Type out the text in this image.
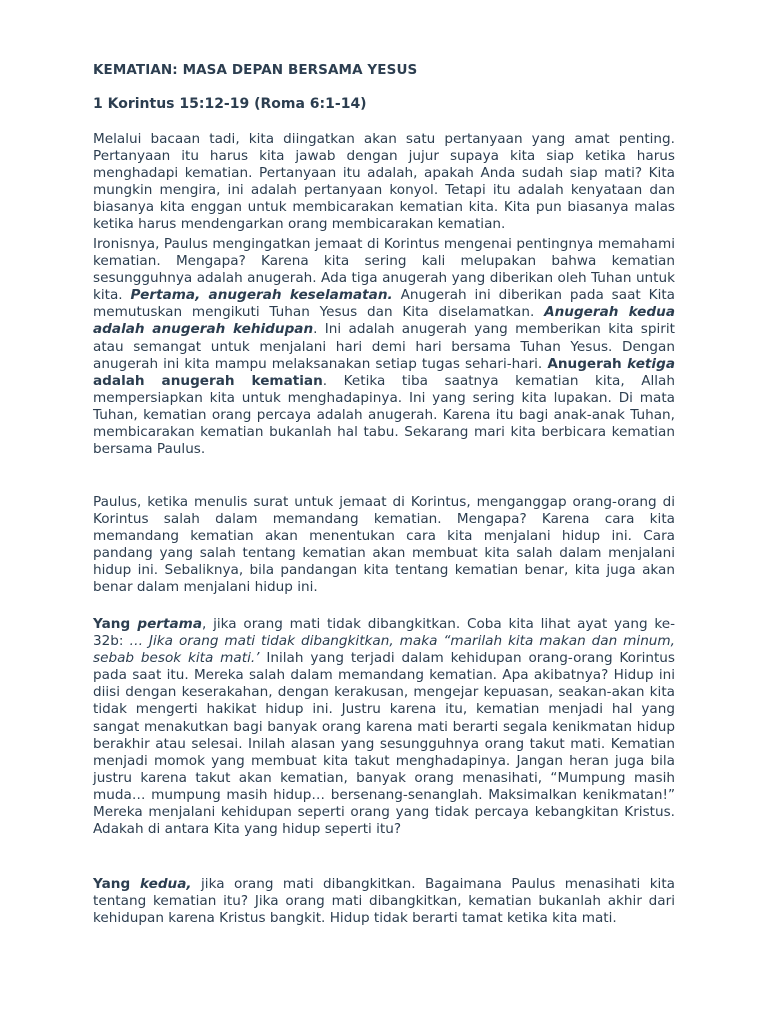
KEMATIAN: MASA DEPAN BERSAMA YESUS
1 Korintus 15:12-19 (Roma 6:1-14)

Melalui bacaan tadi, kita diingatkan akan satu pertanyaan yang amat penting. Pertanyaan itu harus kita jawab dengan jujur supaya kita siap ketika harus menghadapi kematian. Pertanyaan itu adalah, apakah Anda sudah siap mati? Kita mungkin mengira, ini adalah pertanyaan konyol. Tetapi itu adalah kenyataan dan biasanya kita enggan untuk membicarakan kematian kita. Kita pun biasanya malas ketika harus mendengarkan orang membicarakan kematian.

Ironisnya, Paulus mengingatkan jemaat di Korintus mengenai pentingnya memahami kematian. Mengapa? Karena kita sering kali melupakan bahwa kematian sesungguhnya adalah anugerah. Ada tiga anugerah yang diberikan oleh Tuhan untuk kita. Pertama, anugerah keselamatan. Anugerah ini diberikan pada saat Kita memutuskan mengikuti Tuhan Yesus dan Kita diselamatkan. Anugerah kedua adalah anugerah kehidupan. Ini adalah anugerah yang memberikan kita spirit atau semangat untuk menjalani hari demi hari bersama Tuhan Yesus. Dengan anugerah ini kita mampu melaksanakan setiap tugas sehari-hari. Anugerah ketiga adalah anugerah kematian. Ketika tiba saatnya kematian kita, Allah mempersiapkan kita untuk menghadapinya. Ini yang sering kita lupakan. Di mata Tuhan, kematian orang percaya adalah anugerah. Karena itu bagi anak-anak Tuhan, membicarakan kematian bukanlah hal tabu. Sekarang mari kita berbicara kematian bersama Paulus.

Paulus, ketika menulis surat untuk jemaat di Korintus, menganggap orang-orang di Korintus salah dalam memandang kematian. Mengapa? Karena cara kita memandang kematian akan menentukan cara kita menjalani hidup ini. Cara pandang yang salah tentang kematian akan membuat kita salah dalam menjalani hidup ini. Sebaliknya, bila pandangan kita tentang kematian benar, kita juga akan benar dalam menjalani hidup ini.

Yang pertama, jika orang mati tidak dibangkitkan. Coba kita lihat ayat yang ke-32b: … Jika orang mati tidak dibangkitkan, maka “marilah kita makan dan minum, sebab besok kita mati.’ Inilah yang terjadi dalam kehidupan orang-orang Korintus pada saat itu. Mereka salah dalam memandang kematian. Apa akibatnya? Hidup ini diisi dengan keserakahan, dengan kerakusan, mengejar kepuasan, seakan-akan kita tidak mengerti hakikat hidup ini. Justru karena itu, kematian menjadi hal yang sangat menakutkan bagi banyak orang karena mati berarti segala kenikmatan hidup berakhir atau selesai. Inilah alasan yang sesungguhnya orang takut mati. Kematian menjadi momok yang membuat kita takut menghadapinya. Jangan heran juga bila justru karena takut akan kematian, banyak orang menasihati, “Mumpung masih muda… mumpung masih hidup… bersenang-senanglah. Maksimalkan kenikmatan!” Mereka menjalani kehidupan seperti orang yang tidak percaya kebangkitan Kristus. Adakah di antara Kita yang hidup seperti itu?

Yang kedua, jika orang mati dibangkitkan. Bagaimana Paulus menasihati kita tentang kematian itu? Jika orang mati dibangkitkan, kematian bukanlah akhir dari kehidupan karena Kristus bangkit. Hidup tidak berarti tamat ketika kita mati.
